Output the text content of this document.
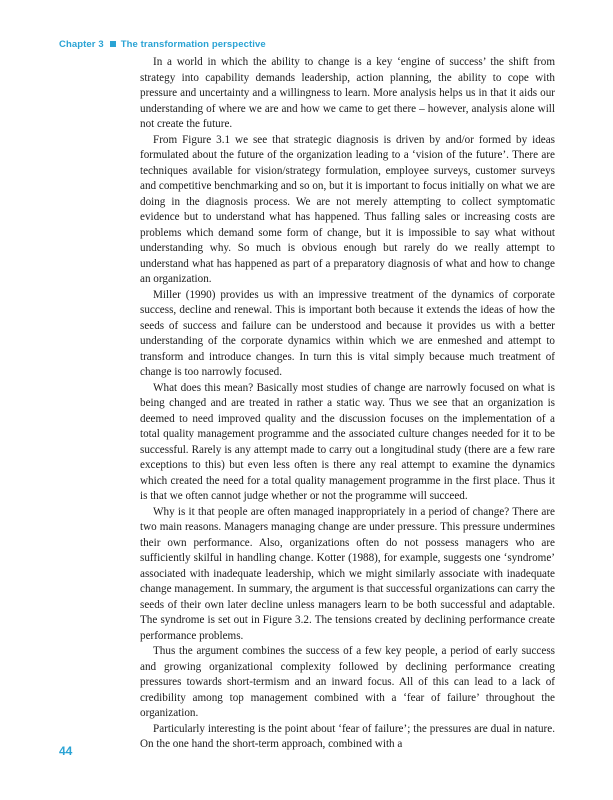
Chapter 3 The transformation perspective

In a world in which the ability to change is a key ‘engine of success’ the shift from strategy into capability demands leadership, action planning, the ability to cope with pressure and uncertainty and a willingness to learn. More analysis helps us in that it aids our understanding of where we are and how we came to get there – however, analysis alone will not create the future.

From Figure 3.1 we see that strategic diagnosis is driven by and/or formed by ideas formulated about the future of the organization leading to a ‘vision of the future’. There are techniques available for vision/strategy formulation, employee surveys, customer surveys and competitive benchmarking and so on, but it is important to focus initially on what we are doing in the diagnosis process. We are not merely attempting to collect symptomatic evidence but to understand what has happened. Thus falling sales or increasing costs are problems which demand some form of change, but it is impossible to say what without understanding why. So much is obvious enough but rarely do we really attempt to understand what has happened as part of a preparatory diagnosis of what and how to change an organization.

Miller (1990) provides us with an impressive treatment of the dynamics of corporate success, decline and renewal. This is important both because it extends the ideas of how the seeds of success and failure can be understood and because it provides us with a better understanding of the corporate dynamics within which we are enmeshed and attempt to transform and introduce changes. In turn this is vital simply because much treatment of change is too narrowly focused.

What does this mean? Basically most studies of change are narrowly focused on what is being changed and are treated in rather a static way. Thus we see that an organization is deemed to need improved quality and the discussion focuses on the implementation of a total quality management programme and the associated culture changes needed for it to be successful. Rarely is any attempt made to carry out a longitudinal study (there are a few rare exceptions to this) but even less often is there any real attempt to examine the dynamics which created the need for a total quality management programme in the first place. Thus it is that we often cannot judge whether or not the programme will succeed.

Why is it that people are often managed inappropriately in a period of change? There are two main reasons. Managers managing change are under pressure. This pressure undermines their own performance. Also, organizations often do not possess managers who are sufficiently skilful in handling change. Kotter (1988), for example, suggests one ‘syndrome’ associated with inadequate leadership, which we might similarly associate with inadequate change management. In summary, the argument is that successful organizations can carry the seeds of their own later decline unless managers learn to be both successful and adaptable. The syndrome is set out in Figure 3.2. The tensions created by declining performance create performance problems.

Thus the argument combines the success of a few key people, a period of early success and growing organizational complexity followed by declining performance creating pressures towards short-termism and an inward focus. All of this can lead to a lack of credibility among top management combined with a ‘fear of failure’ throughout the organization.

Particularly interesting is the point about ‘fear of failure’; the pressures are dual in nature. On the one hand the short-term approach, combined with a

44
